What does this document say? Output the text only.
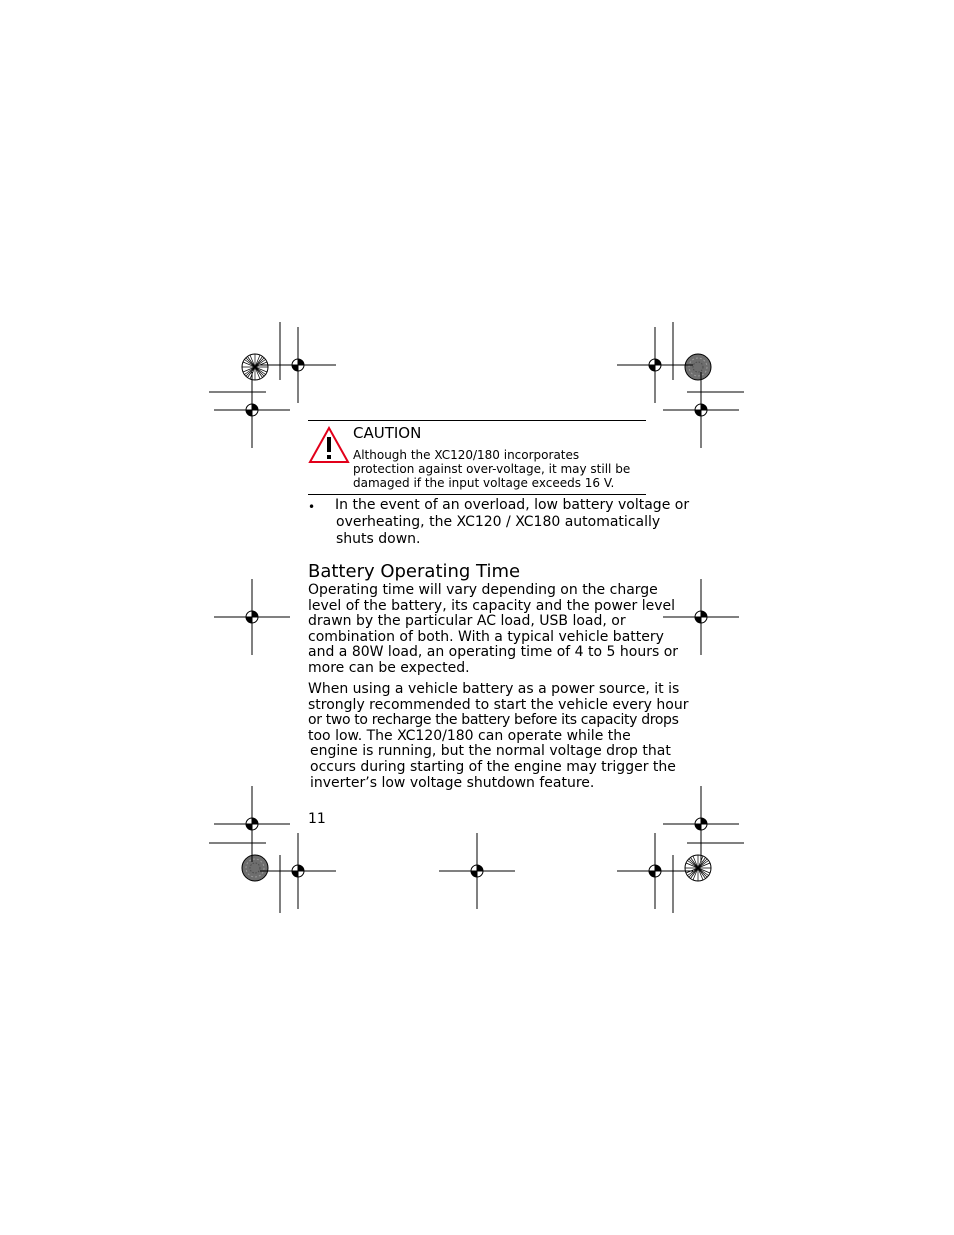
CAUTION
Although the XC120/180 incorporates
protection against over-voltage, it may still be
damaged if the input voltage exceeds 16 V.
• In the event of an overload, low battery voltage or
overheating, the XC120 / XC180 automatically
shuts down.
Battery Operating Time
Operating time will vary depending on the charge
level of the battery, its capacity and the power level
drawn by the particular AC load, USB load, or
combination of both. With a typical vehicle battery
and a 80W load, an operating time of 4 to 5 hours or
more can be expected.
When using a vehicle battery as a power source, it is
strongly recommended to start the vehicle every hour
or two to recharge the battery before its capacity drops
too low. The XC120/180 can operate while the
engine is running, but the normal voltage drop that
occurs during starting of the engine may trigger the
inverter’s low voltage shutdown feature.
11
